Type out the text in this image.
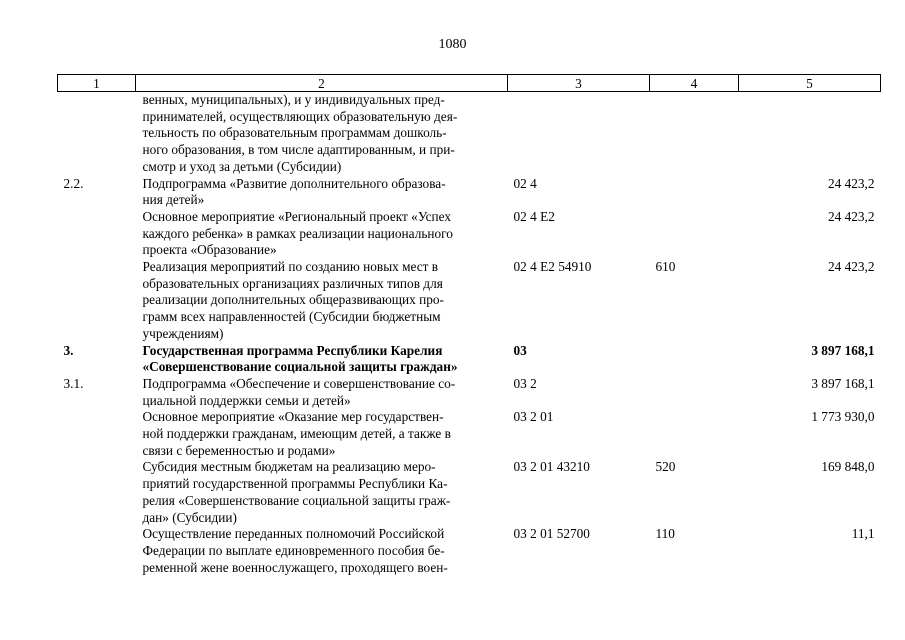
1080
1	2	3	4	5

	венных, муниципальных), и у индивидуальных пред-
принимателей, осуществляющих образовательную дея-
тельность по образовательным программам дошколь-
ного образования, в том числе адаптированным, и при-
смотр и уход за детьми (Субсидии)			

2.2.	Подпрограмма «Развитие дополнительного образова-
ния детей»	02 4		24 423,2

	Основное мероприятие «Региональный проект «Успех
каждого ребенка» в рамках реализации национального
проекта «Образование»	02 4 E2		24 423,2

	Реализация мероприятий по созданию новых мест в
образовательных организациях различных типов для
реализации дополнительных общеразвивающих про-
грамм всех направленностей (Субсидии бюджетным
учреждениям)	02 4 E2 54910	610	24 423,2
3.	Государственная программа Республики Карелия
«Совершенствование социальной защиты граждан»	03		3 897 168,1
3.1.	Подпрограмма «Обеспечение и совершенствование со-
циальной поддержки семьи и детей»	03 2		3 897 168,1

	Основное мероприятие «Оказание мер государствен-
ной поддержки гражданам, имеющим детей, а также в
связи с беременностью и родами»	03 2 01		1 773 930,0

	Субсидия местным бюджетам на реализацию меро-
приятий государственной программы Республики Ка-
релия «Совершенствование социальной защиты граж-
дан» (Субсидии)	03 2 01 43210	520	169 848,0

	Осуществление переданных полномочий Российской
Федерации по выплате единовременного пособия бе-
ременной жене военнослужащего, проходящего воен-	03 2 01 52700	110	11,1
